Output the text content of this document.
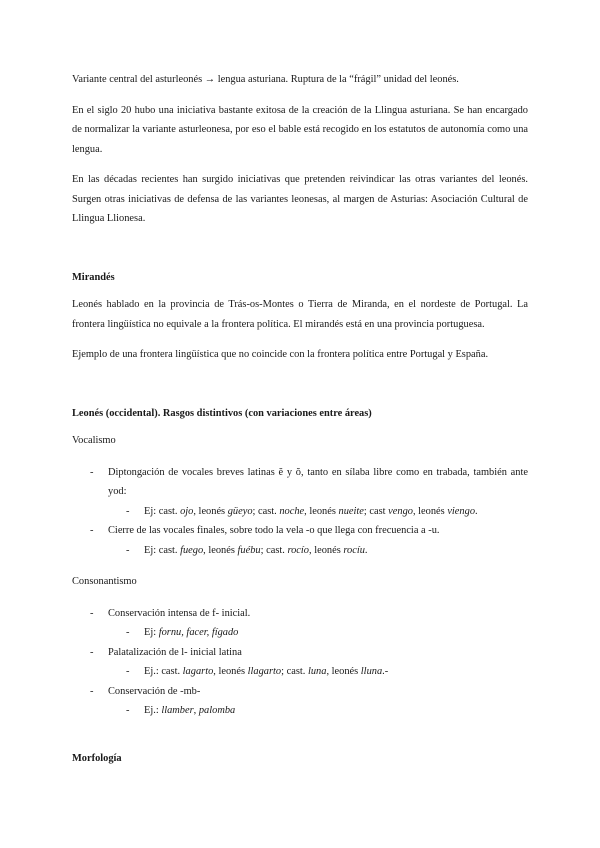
Variante central del asturleonés → lengua asturiana. Ruptura de la “frágil” unidad del leonés.

En el siglo 20 hubo una iniciativa bastante exitosa de la creación de la Llingua asturiana. Se han encargado de normalizar la variante asturleonesa, por eso el bable está recogido en los estatutos de autonomía como una lengua.

En las décadas recientes han surgido iniciativas que pretenden reivindicar las otras variantes del leonés. Surgen otras iniciativas de defensa de las variantes leonesas, al margen de Asturias: Asociación Cultural de Llingua Llionesa.

Mirandés

Leonés hablado en la provincia de Trás-os-Montes o Tierra de Miranda, en el nordeste de Portugal. La frontera lingüística no equivale a la frontera política. El mirandés está en una provincia portuguesa.

Ejemplo de una frontera lingüística que no coincide con la frontera política entre Portugal y España.

Leonés (occidental). Rasgos distintivos (con variaciones entre áreas)

Vocalismo

- Diptongación de vocales breves latinas ĕ y ŏ, tanto en sílaba libre como en trabada, también ante yod:
- Ej: cast. ojo, leonés güeyo; cast. noche, leonés nueite; cast vengo, leonés viengo.
- Cierre de las vocales finales, sobre todo la vela -o que llega con frecuencia a -u.
- Ej: cast. fuego, leonés fuébu; cast. rocío, leonés rocíu.

Consonantismo

- Conservación intensa de f- inicial.
- Ej: fornu, facer, fígado
- Palatalización de l- inicial latina
- Ej.: cast. lagarto, leonés llagarto; cast. luna, leonés lluna.-
- Conservación de -mb-
- Ej.: llamber, palomba

Morfología
